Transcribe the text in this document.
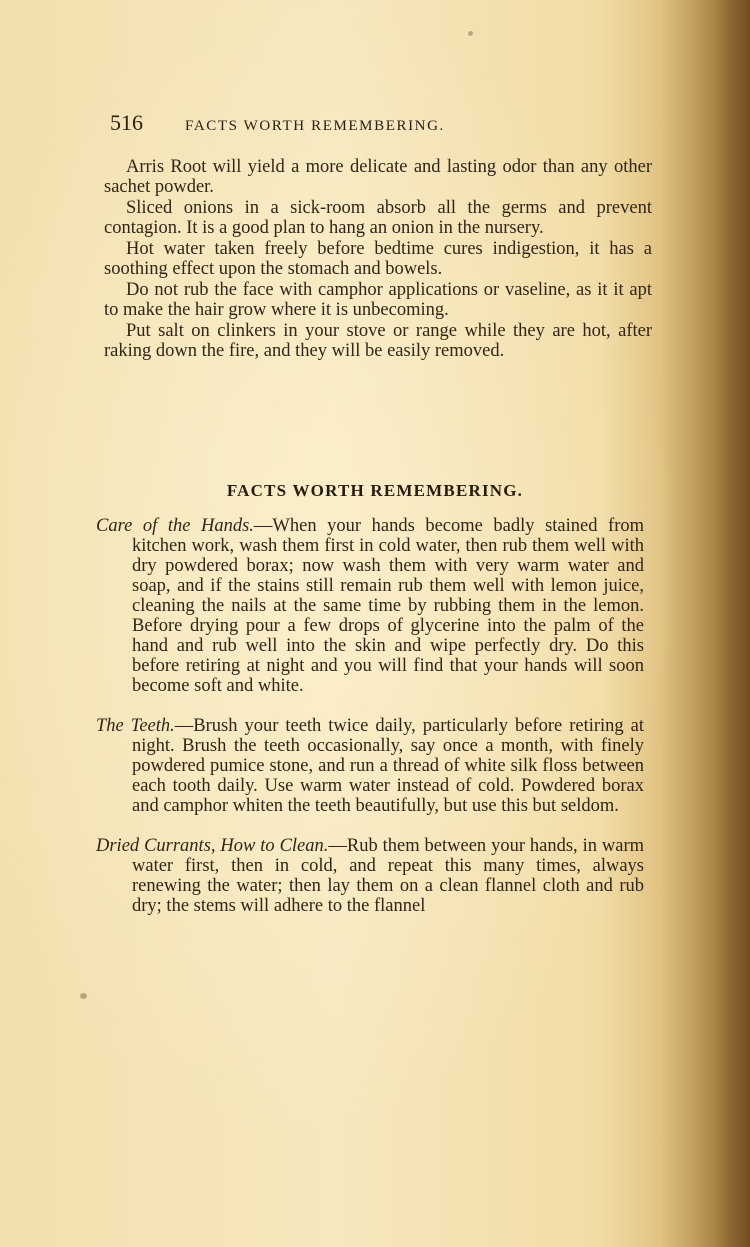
516	FACTS WORTH REMEMBERING.

Arris Root will yield a more delicate and lasting odor than any other sachet powder.

Sliced onions in a sick-room absorb all the germs and prevent contagion. It is a good plan to hang an onion in the nursery.

Hot water taken freely before bedtime cures indigestion, it has a soothing effect upon the stomach and bowels.

Do not rub the face with camphor applications or vaseline, as it it apt to make the hair grow where it is unbecoming.

Put salt on clinkers in your stove or range while they are hot, after raking down the fire, and they will be easily removed.

FACTS WORTH REMEMBERING.

Care of the Hands.—When your hands become badly stained from kitchen work, wash them first in cold water, then rub them well with dry powdered borax; now wash them with very warm water and soap, and if the stains still remain rub them well with lemon juice, cleaning the nails at the same time by rubbing them in the lemon. Before drying pour a few drops of glycerine into the palm of the hand and rub well into the skin and wipe perfectly dry. Do this before retiring at night and you will find that your hands will soon become soft and white.

The Teeth.—Brush your teeth twice daily, particularly before retiring at night. Brush the teeth occasionally, say once a month, with finely powdered pumice stone, and run a thread of white silk floss between each tooth daily. Use warm water instead of cold. Powdered borax and camphor whiten the teeth beautifully, but use this but seldom.

Dried Currants, How to Clean.—Rub them between your hands, in warm water first, then in cold, and repeat this many times, always renewing the water; then lay them on a clean flannel cloth and rub dry; the stems will adhere to the flannel
